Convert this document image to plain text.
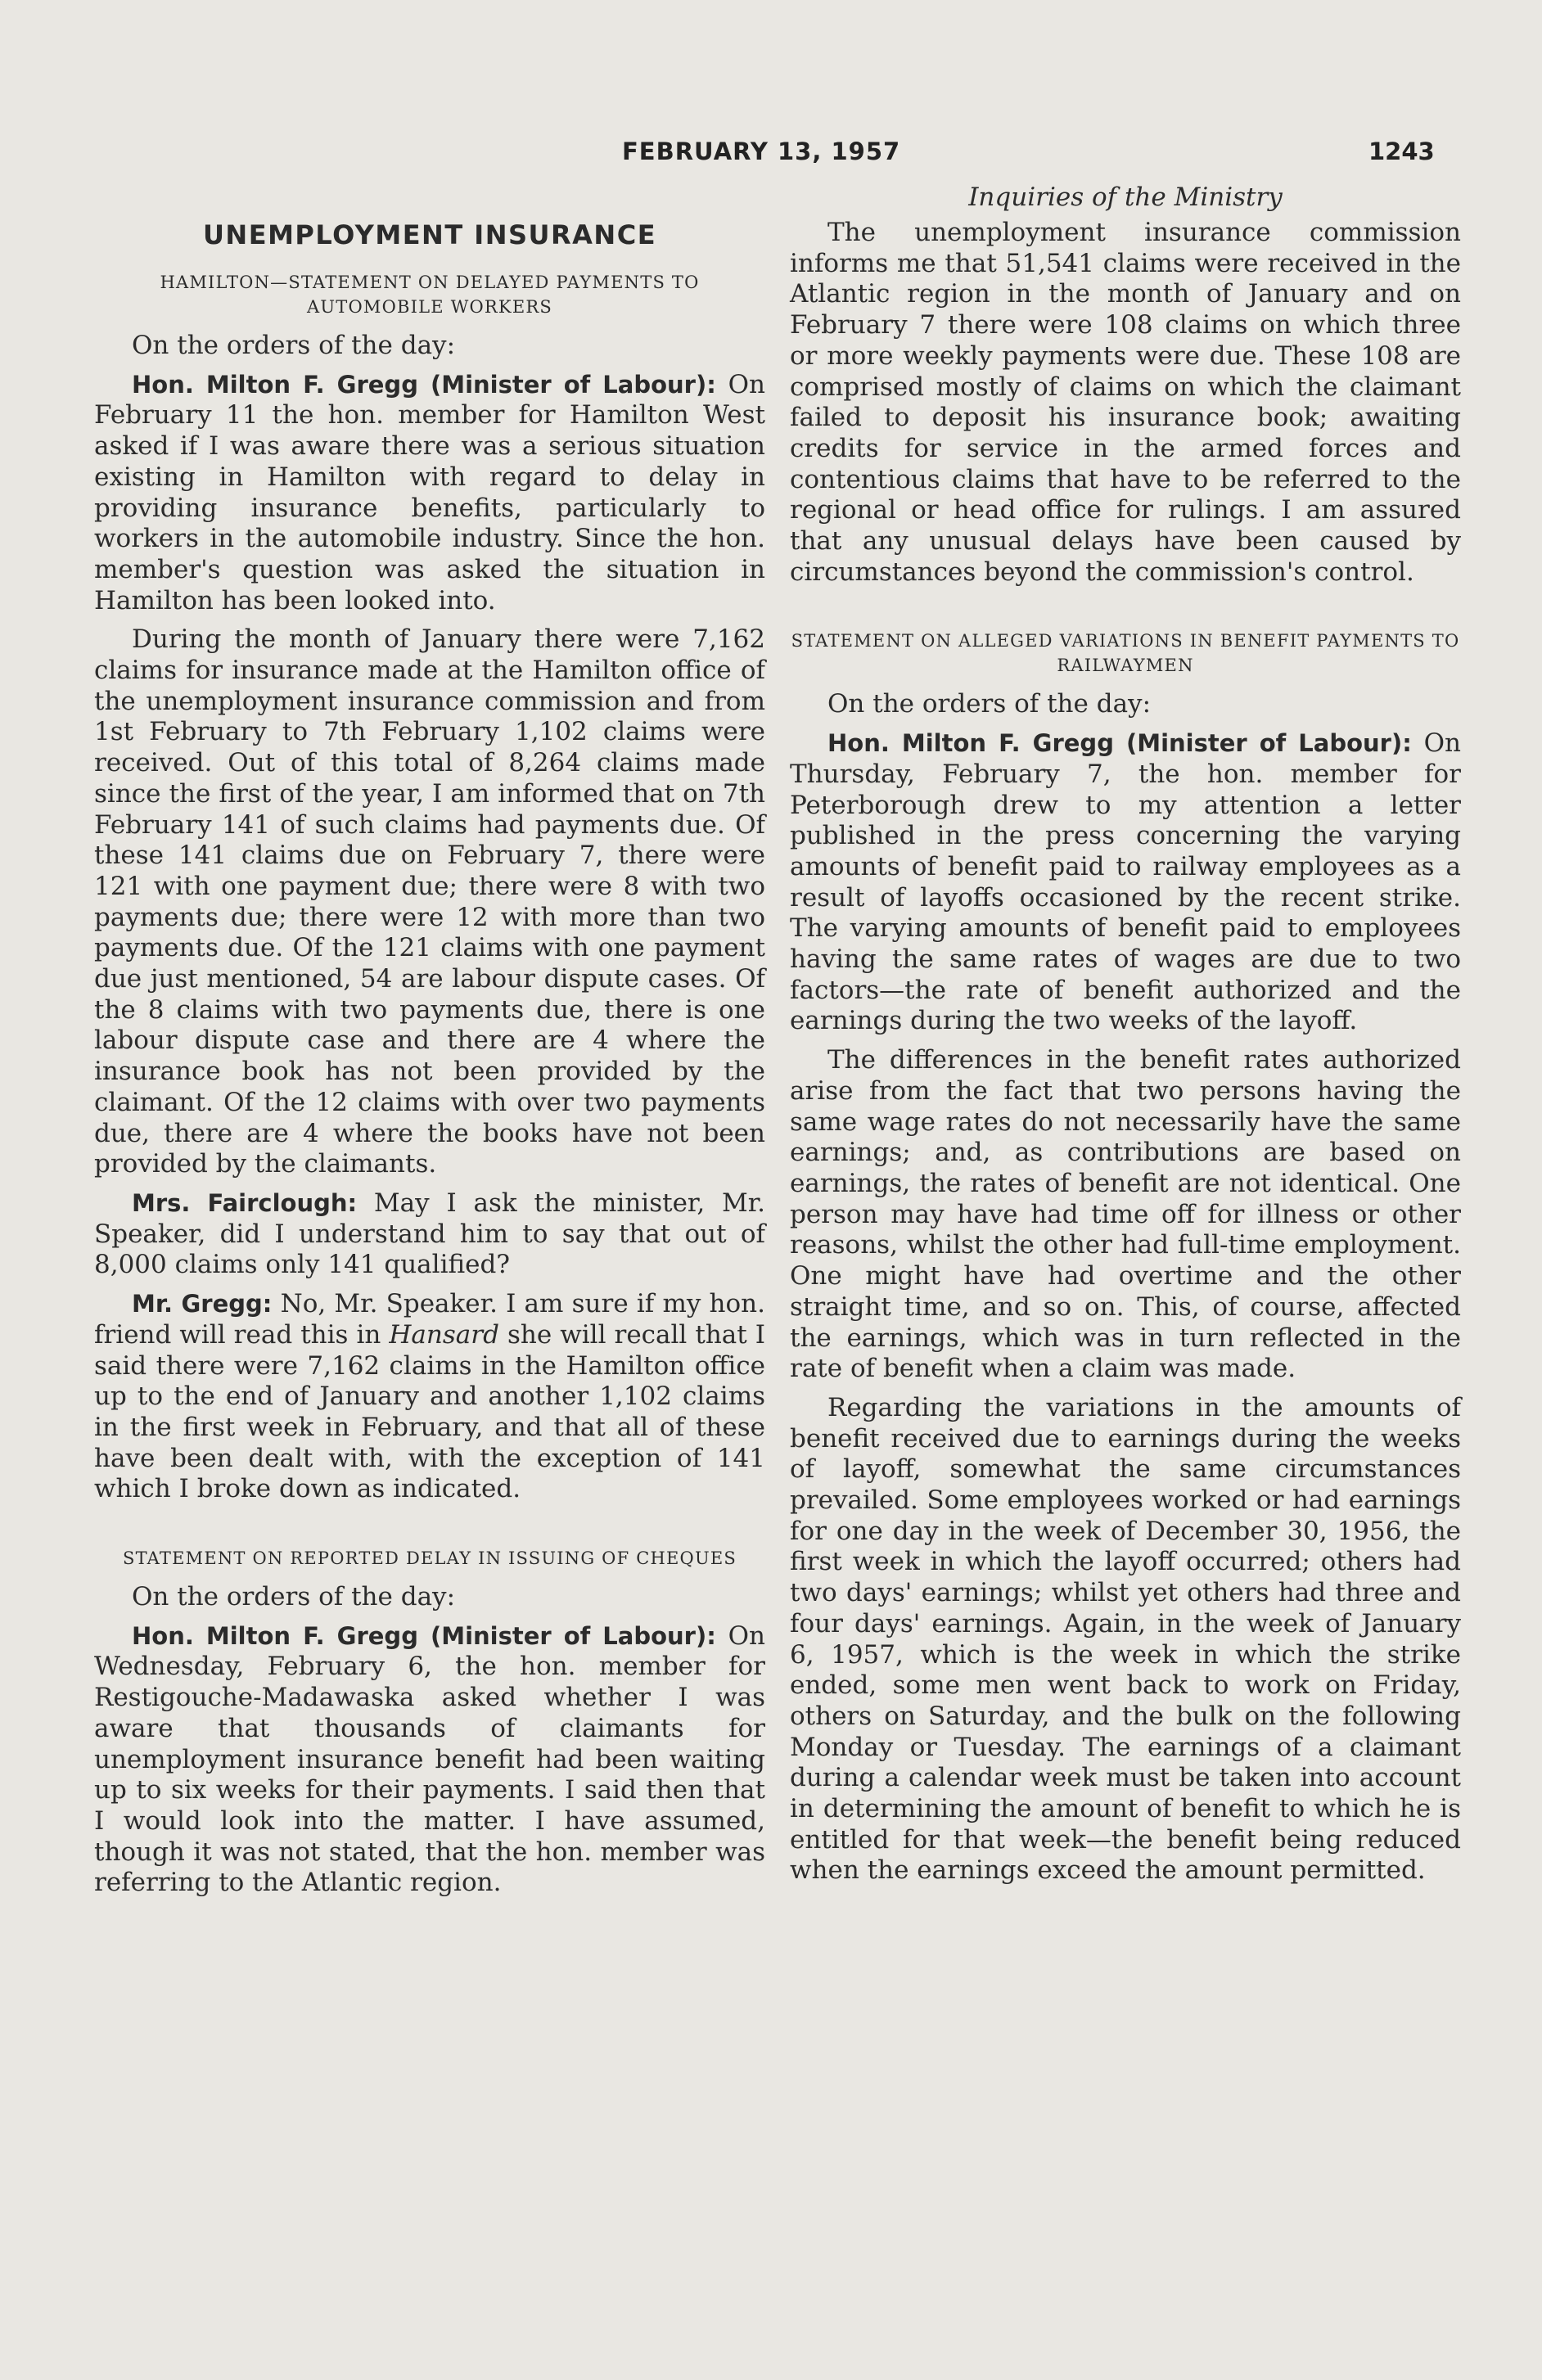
FEBRUARY 13, 1957	1243
UNEMPLOYMENT INSURANCE
HAMILTON—STATEMENT ON DELAYED PAYMENTS TO AUTOMOBILE WORKERS

On the orders of the day:

Hon. Milton F. Gregg (Minister of Labour): On February 11 the hon. member for Hamilton West asked if I was aware there was a serious situation existing in Hamilton with regard to delay in providing insurance benefits, particularly to workers in the automobile industry. Since the hon. member's question was asked the situation in Hamilton has been looked into.

During the month of January there were 7,162 claims for insurance made at the Hamilton office of the unemployment insurance commission and from 1st February to 7th February 1,102 claims were received. Out of this total of 8,264 claims made since the first of the year, I am informed that on 7th February 141 of such claims had payments due. Of these 141 claims due on February 7, there were 121 with one payment due; there were 8 with two payments due; there were 12 with more than two payments due. Of the 121 claims with one payment due just mentioned, 54 are labour dispute cases. Of the 8 claims with two payments due, there is one labour dispute case and there are 4 where the insurance book has not been provided by the claimant. Of the 12 claims with over two payments due, there are 4 where the books have not been provided by the claimants.

Mrs. Fairclough: May I ask the minister, Mr. Speaker, did I understand him to say that out of 8,000 claims only 141 qualified?

Mr. Gregg: No, Mr. Speaker. I am sure if my hon. friend will read this in Hansard she will recall that I said there were 7,162 claims in the Hamilton office up to the end of January and another 1,102 claims in the first week in February, and that all of these have been dealt with, with the exception of 141 which I broke down as indicated.

STATEMENT ON REPORTED DELAY IN ISSUING OF CHEQUES

On the orders of the day:

Hon. Milton F. Gregg (Minister of Labour): On Wednesday, February 6, the hon. member for Restigouche-Madawaska asked whether I was aware that thousands of claimants for unemployment insurance benefit had been waiting up to six weeks for their payments. I said then that I would look into the matter. I have assumed, though it was not stated, that the hon. member was referring to the Atlantic region.

Inquiries of the Ministry

The unemployment insurance commission informs me that 51,541 claims were received in the Atlantic region in the month of January and on February 7 there were 108 claims on which three or more weekly payments were due. These 108 are comprised mostly of claims on which the claimant failed to deposit his insurance book; awaiting credits for service in the armed forces and contentious claims that have to be referred to the regional or head office for rulings. I am assured that any unusual delays have been caused by circumstances beyond the commission's control.

STATEMENT ON ALLEGED VARIATIONS IN BENEFIT PAYMENTS TO RAILWAYMEN

On the orders of the day:

Hon. Milton F. Gregg (Minister of Labour): On Thursday, February 7, the hon. member for Peterborough drew to my attention a letter published in the press concerning the varying amounts of benefit paid to railway employees as a result of layoffs occasioned by the recent strike. The varying amounts of benefit paid to employees having the same rates of wages are due to two factors—the rate of benefit authorized and the earnings during the two weeks of the layoff.

The differences in the benefit rates authorized arise from the fact that two persons having the same wage rates do not necessarily have the same earnings; and, as contributions are based on earnings, the rates of benefit are not identical. One person may have had time off for illness or other reasons, whilst the other had full-time employment. One might have had overtime and the other straight time, and so on. This, of course, affected the earnings, which was in turn reflected in the rate of benefit when a claim was made.

Regarding the variations in the amounts of benefit received due to earnings during the weeks of layoff, somewhat the same circumstances prevailed. Some employees worked or had earnings for one day in the week of December 30, 1956, the first week in which the layoff occurred; others had two days' earnings; whilst yet others had three and four days' earnings. Again, in the week of January 6, 1957, which is the week in which the strike ended, some men went back to work on Friday, others on Saturday, and the bulk on the following Monday or Tuesday. The earnings of a claimant during a calendar week must be taken into account in determining the amount of benefit to which he is entitled for that week—the benefit being reduced when the earnings exceed the amount permitted.
